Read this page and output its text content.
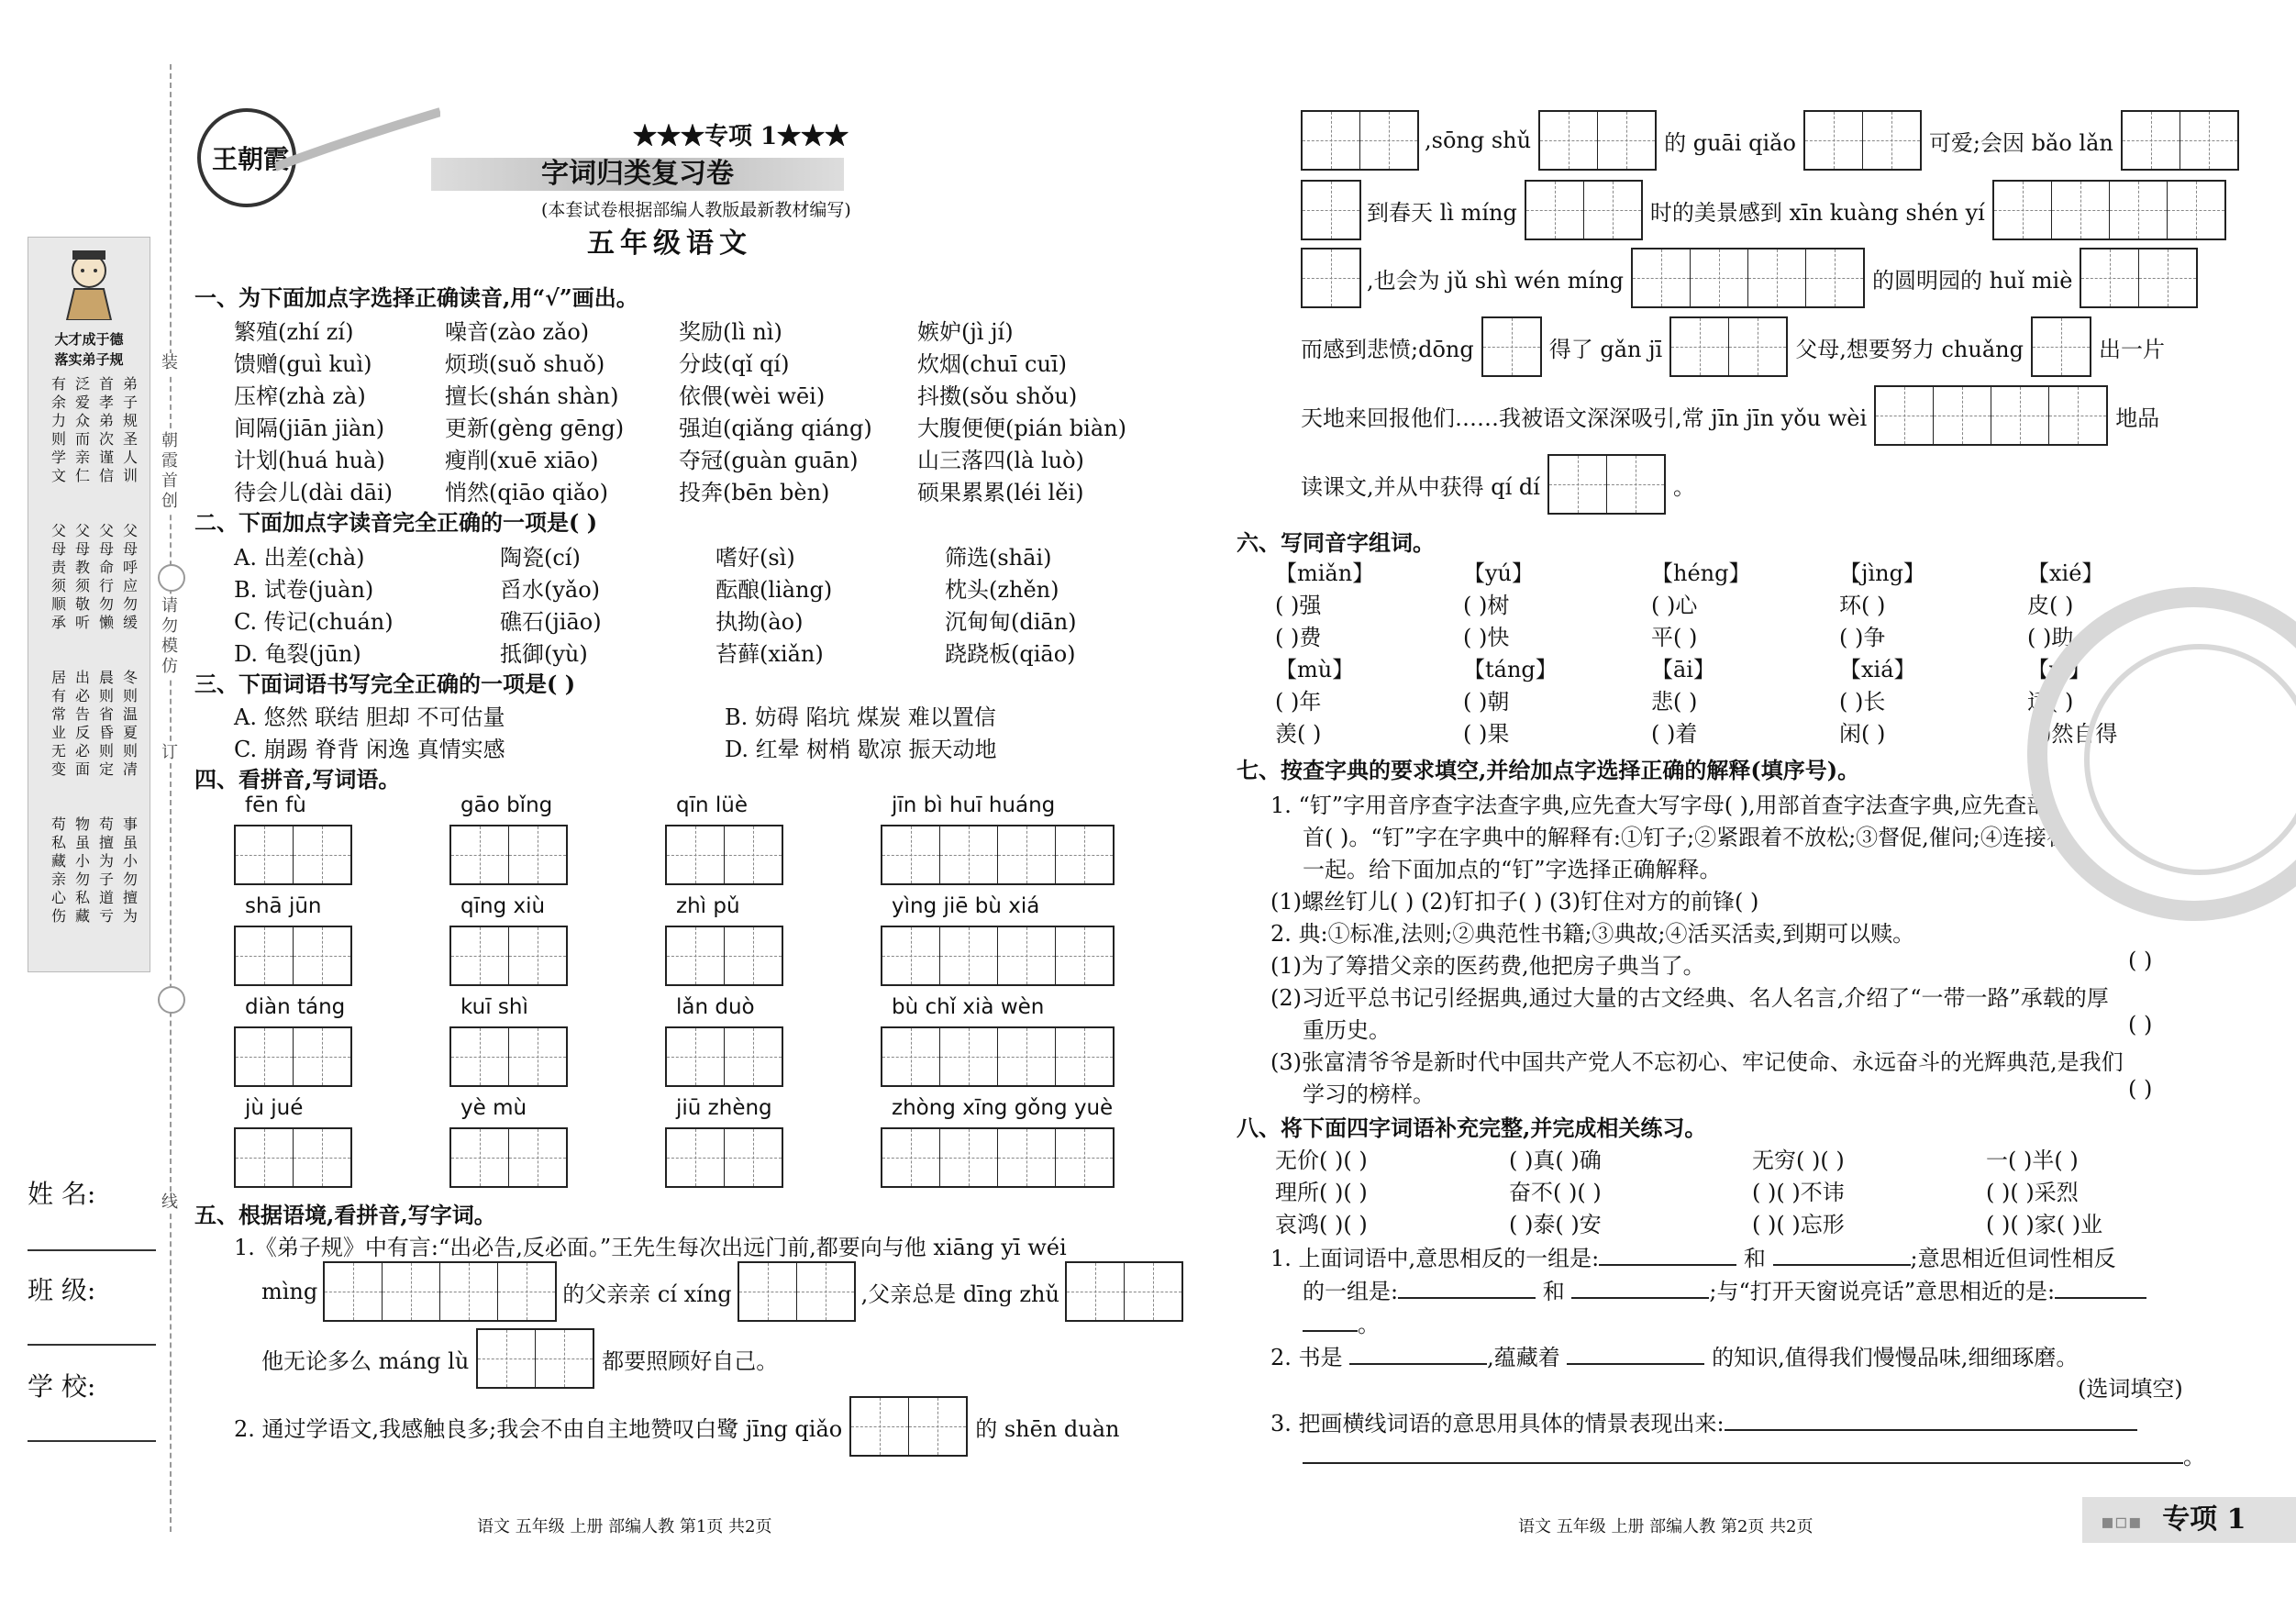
装
朝霞首创
请勿模仿
订
线
大才成于德
落实弟子规
弟子规圣人训
首孝弟次谨信
泛爱众而亲仁
有余力则学文
父母呼应勿缓
父母命行勿懒
父母教须敬听
父母责须顺承
冬则温夏则凊
晨则省昏则定
出必告反必面
居有常业无变
事虽小勿擅为
苟擅为子道亏
物虽小勿私藏
苟私藏亲心伤
姓 名:
班 级:
学 校:
王朝霞
★★★专项 1★★★
字词归类复习卷
(本套试卷根据部编人教版最新教材编写)
五年级语文
一、为下面加点字选择正确读音,用“√”画出。
繁殖(zhí zí)	噪音(zào zǎo)	奖励(lì nì)	嫉妒(jì jí)
馈赠(guì kuì)	烦琐(suǒ shuǒ)	分歧(qǐ qí)	炊烟(chuī cuī)
压榨(zhà zà)	擅长(shán shàn)	依偎(wèi wēi)	抖擞(sǒu shǒu)
间隔(jiān jiàn)	更新(gèng gēng) 强迫(qiǎng qiáng) 大腹便便(pián biàn)
计划(huá huà)	瘦削(xuē xiāo)	夺冠(guàn guān)	山三落四(là luò)
待会儿(dài dāi) 悄然(qiāo qiǎo)	投奔(bēn bèn)	硕果累累(léi lěi)
二、下面加点字读音完全正确的一项是( )
A. 出差(chà)	陶瓷(cí)	嗜好(sì)	筛选(shāi)
B. 试卷(juàn)	舀水(yǎo)	酝酿(liàng)	枕头(zhěn)
C. 传记(chuán)	礁石(jiāo)	执拗(ào)	沉甸甸(diān)
D. 龟裂(jūn)	抵御(yù)	苔藓(xiǎn)	跷跷板(qiāo)
三、下面词语书写完全正确的一项是( )
A. 悠然 联结 胆却 不可估量	B. 妨碍 陷坑 煤炭 难以置信
C. 崩踢 脊背 闲逸 真情实感	D. 红晕 树梢 歇凉 振天动地
四、看拼音,写词语。
fēn fù	gāo bǐng	qīn lüè	jīn bì huī huáng
shā jūn	qīng xiù	zhì pǔ	yìng jiē bù xiá
diàn táng	kuī shì	lǎn duò	bù chǐ xià wèn
jù jué	yè mù	jiū zhèng	zhòng xīng gǒng yuè
五、根据语境,看拼音,写字词。
1.《弟子规》中有言:“出必告,反必面。”王先生每次出远门前,都要向与他 xiāng yī wéi
mìng	的父亲亲 cí xíng	,父亲总是 dīng zhǔ
他无论多么 máng lù	都要照顾好自己。
2. 通过学语文,我感触良多;我会不由自主地赞叹白鹭 jīng qiǎo	的 shēn duàn
语文 五年级 上册 部编人教 第1页 共2页
,sōng shǔ	的 guāi qiǎo	可爱;会因 bǎo lǎn
到春天 lì míng	时的美景感到 xīn kuàng shén yí
,也会为 jǔ shì wén míng	的圆明园的 huǐ miè
而感到悲愤;dōng	得了 gǎn jī	父母,想要努力 chuǎng	出一片
天地来回报他们……我被语文深深吸引,常 jīn jīn yǒu wèi	地品
读课文,并从中获得 qí dí	。
六、写同音字组词。
【miǎn】	【yú】	【héng】	【jìng】	【xié】
( )强	( )树	( )心	环( )	皮( )
( )费	( )快	平( )	( )争	( )助
【mù】	【táng】	【āi】	【xiá】	【yí】
( )年	( )朝	悲( )	( )长	适( )
羡( )	( )果	( )着	闲( )	( )然自得
七、按查字典的要求填空,并给加点字选择正确的解释(填序号)。
1. “钉”字用音序查字法查字典,应先查大写字母( ),用部首查字法查字典,应先查部
首( )。“钉”字在字典中的解释有:①钉子;②紧跟着不放松;③督促,催问;④连接在
一起。给下面加点的“钉”字选择正确解释。
(1)螺丝钉儿( ) (2)钉扣子( ) (3)钉住对方的前锋( )
2. 典:①标准,法则;②典范性书籍;③典故;④活买活卖,到期可以赎。
(1)为了筹措父亲的医药费,他把房子典当了。
(2)习近平总书记引经据典,通过大量的古文经典、名人名言,介绍了“一带一路”承载的厚
重历史。
(3)张富清爷爷是新时代中国共产党人不忘初心、牢记使命、永远奋斗的光辉典范,是我们
学习的榜样。
( )
( )
( )
八、将下面四字词语补充完整,并完成相关练习。
无价( )( )	( )真( )确	无穷( )( )	一( )半( )
理所( )( )	奋不( )( )	( )( )不讳	( )( )采烈
哀鸿( )( )	( )泰( )安	( )( )忘形	( )( )家( )业
1. 上面词语中,意思相反的一组是:	和	;意思相近但词性相反
的一组是:	和	;与“打开天窗说亮话”意思相近的是:
。
2. 书是	,蕴藏着	的知识,值得我们慢慢品味,细细琢磨。
(选词填空)
3. 把画横线词语的意思用具体的情景表现出来:
。
语文 五年级 上册 部编人教 第2页 共2页	▪▫▪ 专项 1
